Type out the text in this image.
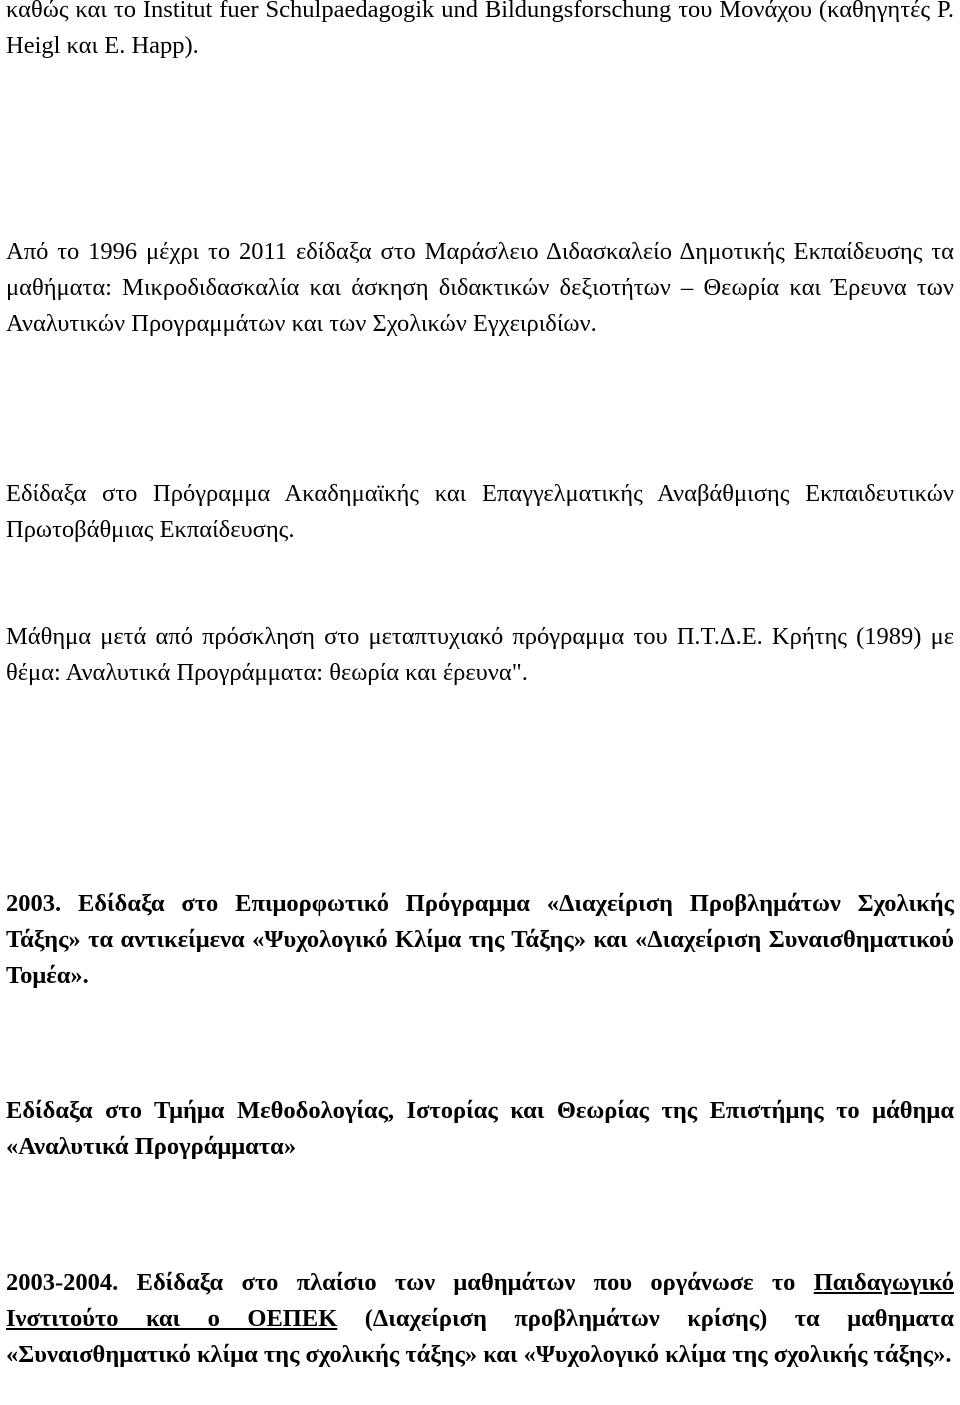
καθώς και το Institut fuer Schulpaedagogik und Bildungsforschung του Μονάχου (καθηγητές P. Heigl και E. Happ).

Από το 1996 μέχρι το 2011 εδίδαξα στο Μαράσλειο Διδασκαλείο Δημοτικής Εκπαίδευσης τα μαθήματα: Μικροδιδασκαλία και άσκηση διδακτικών δεξιοτήτων – Θεωρία και Έρευνα των Αναλυτικών Προγραμμάτων και των Σχολικών Εγχειριδίων.

Εδίδαξα στο Πρόγραμμα Ακαδημαϊκής και Επαγγελματικής Αναβάθμισης Εκπαιδευτικών Πρωτοβάθμιας Εκπαίδευσης.

Μάθημα μετά από πρόσκληση στο μεταπτυχιακό πρόγραμμα του Π.Τ.Δ.Ε. Κρήτης (1989) με θέμα: Αναλυτικά Προγράμματα: θεωρία και έρευνα".

2003. Εδίδαξα στο Επιμορφωτικό Πρόγραμμα «Διαχείριση Προβλημάτων Σχολικής Τάξης» τα αντικείμενα «Ψυχολογικό Κλίμα της Τάξης» και «Διαχείριση Συναισθηματικού Τομέα».

Εδίδαξα στο Τμήμα Μεθοδολογίας, Ιστορίας και Θεωρίας της Επιστήμης το μάθημα «Αναλυτικά Προγράμματα»

2003-2004. Εδίδαξα στο πλαίσιο των μαθημάτων που οργάνωσε το Παιδαγωγικό Ινστιτούτο και ο ΟΕΠΕΚ (Διαχείριση προβλημάτων κρίσης) τα μαθηματα «Συναισθηματικό κλίμα της σχολικής τάξης» και «Ψυχολογικό κλίμα της σχολικής τάξης».
